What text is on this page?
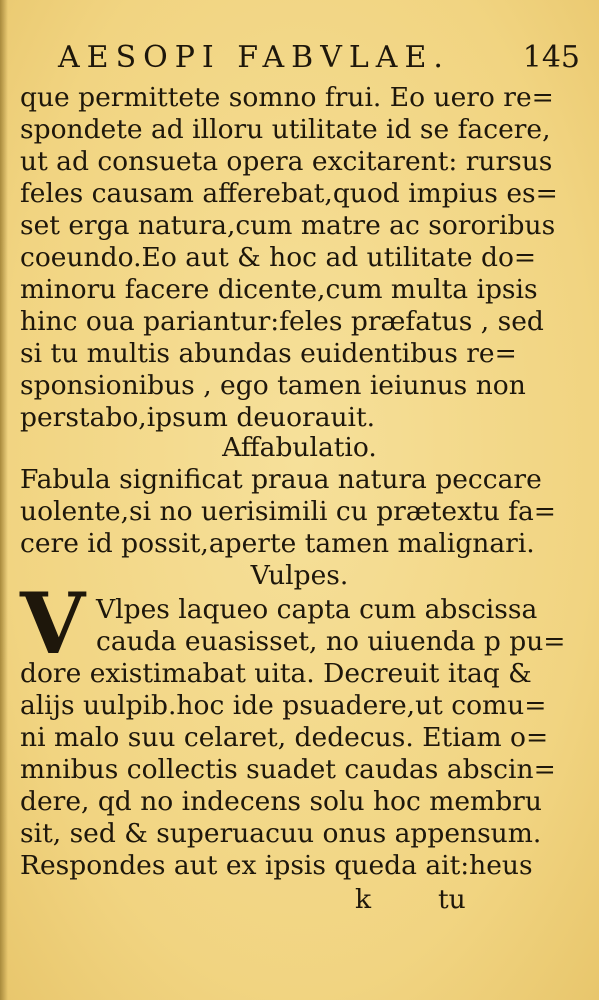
AESOPI FABVLAE. 145
que permittete somno frui. Eo uero re=
spondete ad illoru utilitate id se facere,
ut ad consueta opera excitarent: rursus
feles causam afferebat,quod impius es=
set erga natura,cum matre ac sororibus
coeundo.Eo aut & hoc ad utilitate do=
minoru facere dicente,cum multa ipsis
hinc oua pariantur:feles præfatus , sed
si tu multis abundas euidentibus re=
sponsionibus , ego tamen ieiunus non
perstabo,ipsum deuorauit.
Affabulatio.
Fabula significat praua natura peccare
uolente,si no uerisimili cu prætextu fa=
cere id possit,aperte tamen malignari.
Vulpes.
V Vlpes laqueo capta cum abscissa
cauda euasisset, no uiuenda p pu=
dore existimabat uita. Decreuit itaq &
alijs uulpib.hoc ide psuadere,ut comu=
ni malo suu celaret, dedecus. Etiam o=
mnibus collectis suadet caudas abscin=
dere, qd no indecens solu hoc membru
sit, sed & superuacuu onus appensum.
Respondes aut ex ipsis queda ait:heus
k	tu
